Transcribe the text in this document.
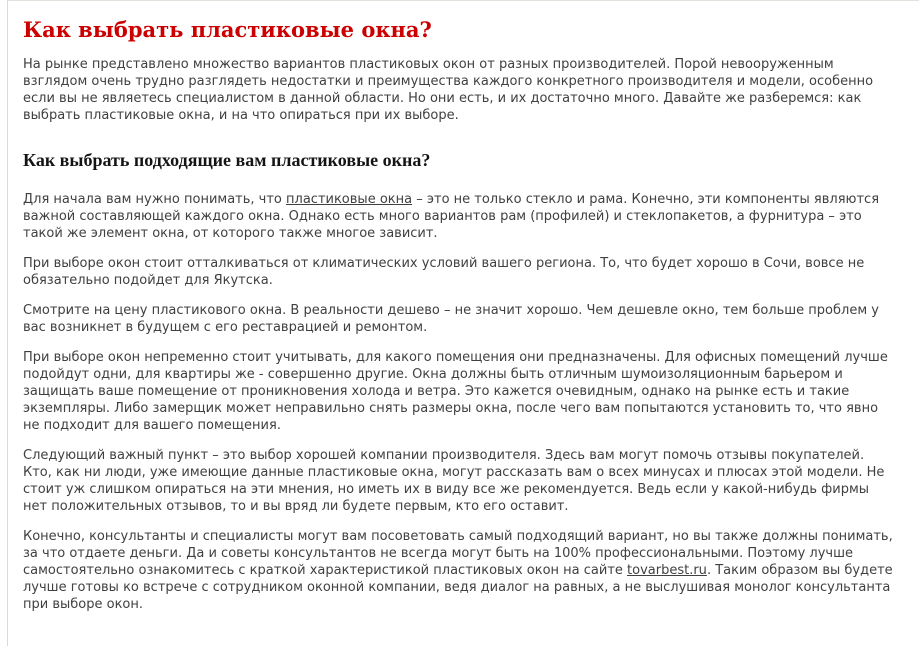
Как выбрать пластиковые окна?

На рынке представлено множество вариантов пластиковых окон от разных производителей. Порой невооруженным взглядом очень трудно разглядеть недостатки и преимущества каждого конкретного производителя и модели, особенно если вы не являетесь специалистом в данной области. Но они есть, и их достаточно много. Давайте же разберемся: как выбрать пластиковые окна, и на что опираться при их выборе.

Как выбрать подходящие вам пластиковые окна?

Для начала вам нужно понимать, что пластиковые окна – это не только стекло и рама. Конечно, эти компоненты являются важной составляющей каждого окна. Однако есть много вариантов рам (профилей) и стеклопакетов, а фурнитура – это такой же элемент окна, от которого также многое зависит.

При выборе окон стоит отталкиваться от климатических условий вашего региона. То, что будет хорошо в Сочи, вовсе не обязательно подойдет для Якутска.

Смотрите на цену пластикового окна. В реальности дешево – не значит хорошо. Чем дешевле окно, тем больше проблем у вас возникнет в будущем с его реставрацией и ремонтом.

При выборе окон непременно стоит учитывать, для какого помещения они предназначены. Для офисных помещений лучше подойдут одни, для квартиры же - совершенно другие. Окна должны быть отличным шумоизоляционным барьером и защищать ваше помещение от проникновения холода и ветра. Это кажется очевидным, однако на рынке есть и такие экземпляры. Либо замерщик может неправильно снять размеры окна, после чего вам попытаются установить то, что явно не подходит для вашего помещения.

Следующий важный пункт – это выбор хорошей компании производителя. Здесь вам могут помочь отзывы покупателей. Кто, как ни люди, уже имеющие данные пластиковые окна, могут рассказать вам о всех минусах и плюсах этой модели. Не стоит уж слишком опираться на эти мнения, но иметь их в виду все же рекомендуется. Ведь если у какой-нибудь фирмы нет положительных отзывов, то и вы вряд ли будете первым, кто его оставит.

Конечно, консультанты и специалисты могут вам посоветовать самый подходящий вариант, но вы также должны понимать, за что отдаете деньги. Да и советы консультантов не всегда могут быть на 100% профессиональными. Поэтому лучше самостоятельно ознакомитесь с краткой характеристикой пластиковых окон на сайте tovarbest.ru. Таким образом вы будете лучше готовы ко встрече с сотрудником оконной компании, ведя диалог на равных, а не выслушивая монолог консультанта при выборе окон.
